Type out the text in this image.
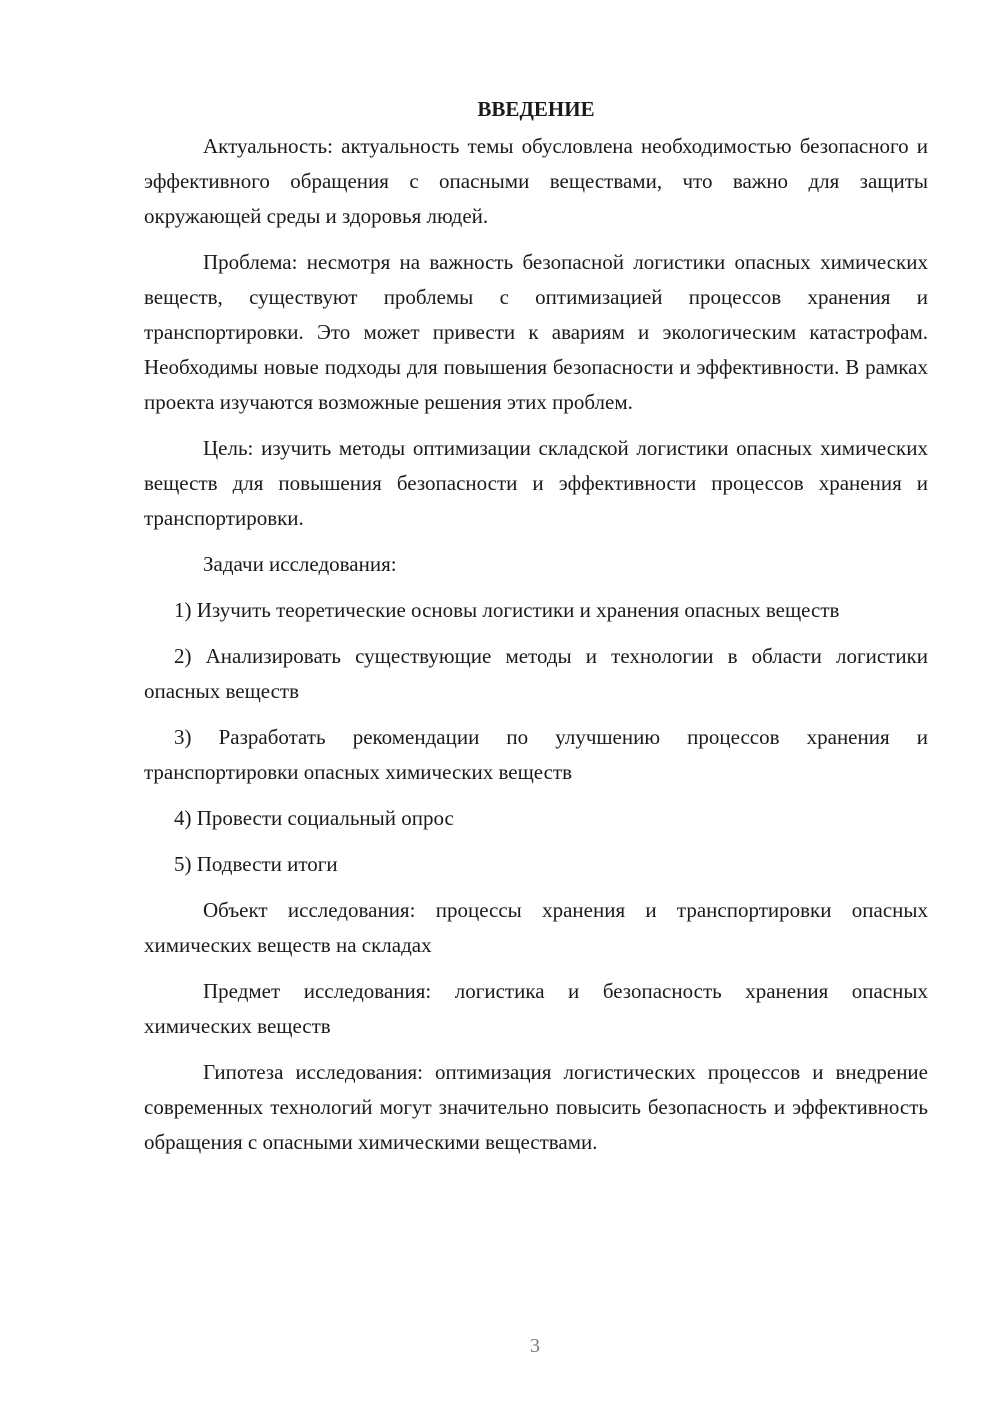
ВВЕДЕНИЕ

Актуальность: актуальность темы обусловлена необходимостью безопасного и эффективного обращения с опасными веществами, что важно для защиты окружающей среды и здоровья людей.

Проблема: несмотря на важность безопасной логистики опасных химических веществ, существуют проблемы с оптимизацией процессов хранения и транспортировки. Это может привести к авариям и экологическим катастрофам. Необходимы новые подходы для повышения безопасности и эффективности. В рамках проекта изучаются возможные решения этих проблем.

Цель: изучить методы оптимизации складской логистики опасных химических веществ для повышения безопасности и эффективности процессов хранения и транспортировки.

Задачи исследования:

1) Изучить теоретические основы логистики и хранения опасных веществ

2) Анализировать существующие методы и технологии в области логистики опасных веществ

3) Разработать рекомендации по улучшению процессов хранения и транспортировки опасных химических веществ

4) Провести социальный опрос

5) Подвести итоги

Объект исследования: процессы хранения и транспортировки опасных химических веществ на складах

Предмет исследования: логистика и безопасность хранения опасных химических веществ

Гипотеза исследования: оптимизация логистических процессов и внедрение современных технологий могут значительно повысить безопасность и эффективность обращения с опасными химическими веществами.

3
